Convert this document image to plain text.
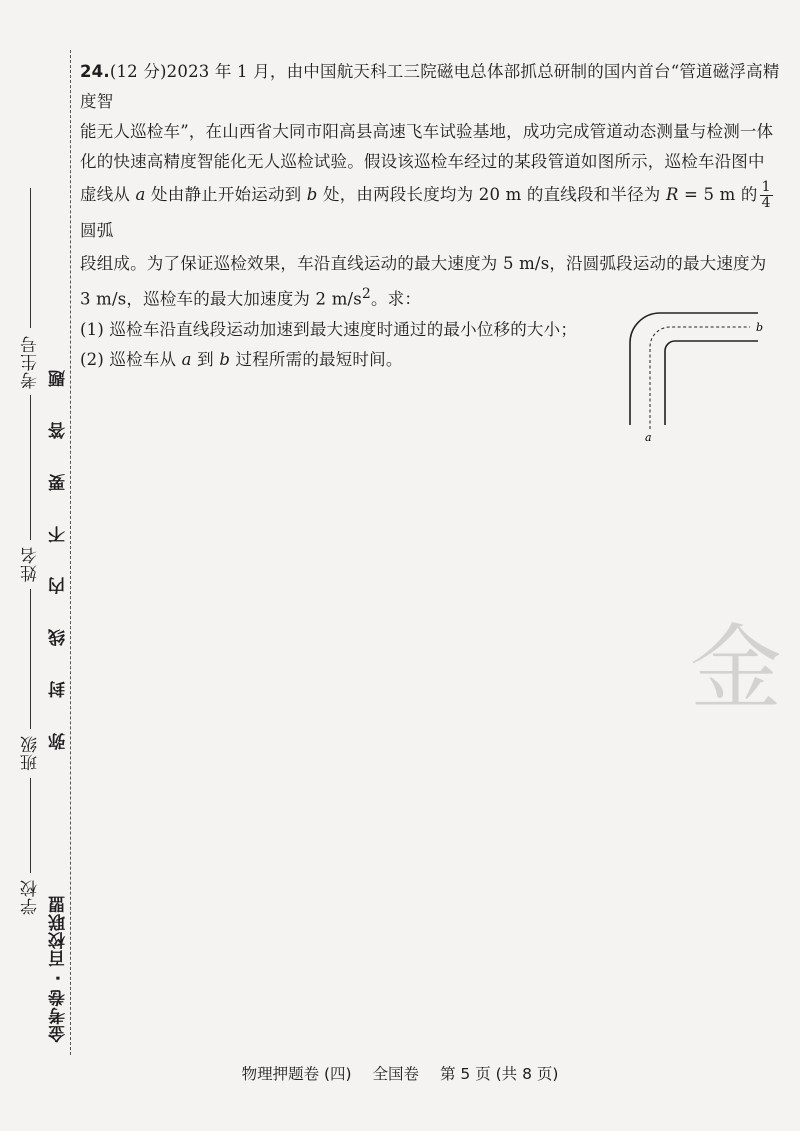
学校  班级  姓名  考生号
弥
封
线
内
不
要
答
题
金考卷 · 百校联盟

24.(12 分)2023 年 1 月，由中国航天科工三院磁电总体部抓总研制的国内首台“管道磁浮高精度智

能无人巡检车”，在山西省大同市阳高县高速飞车试验基地，成功完成管道动态测量与检测一体

化的快速高精度智能化无人巡检试验。假设该巡检车经过的某段管道如图所示，巡检车沿图中

虚线从 a 处由静止开始运动到 b 处，由两段长度均为 20 m 的直线段和半径为 R = 5 m 的 $\frac{1}{4}$
圆弧

段组成。为了保证巡检效果，车沿直线运动的最大速度为 5 m/s，沿圆弧段运动的最大速度为

3 m/s，巡检车的最大加速度为 2 $m/s^2$。求：

(1) 巡检车沿直线段运动加速到最大速度时通过的最小位移的大小；

(2) 巡检车从 a 到 b 过程所需的最短时间。

a
b
金
物理押题卷 (四) 全国卷 第 5 页 (共 8 页)
